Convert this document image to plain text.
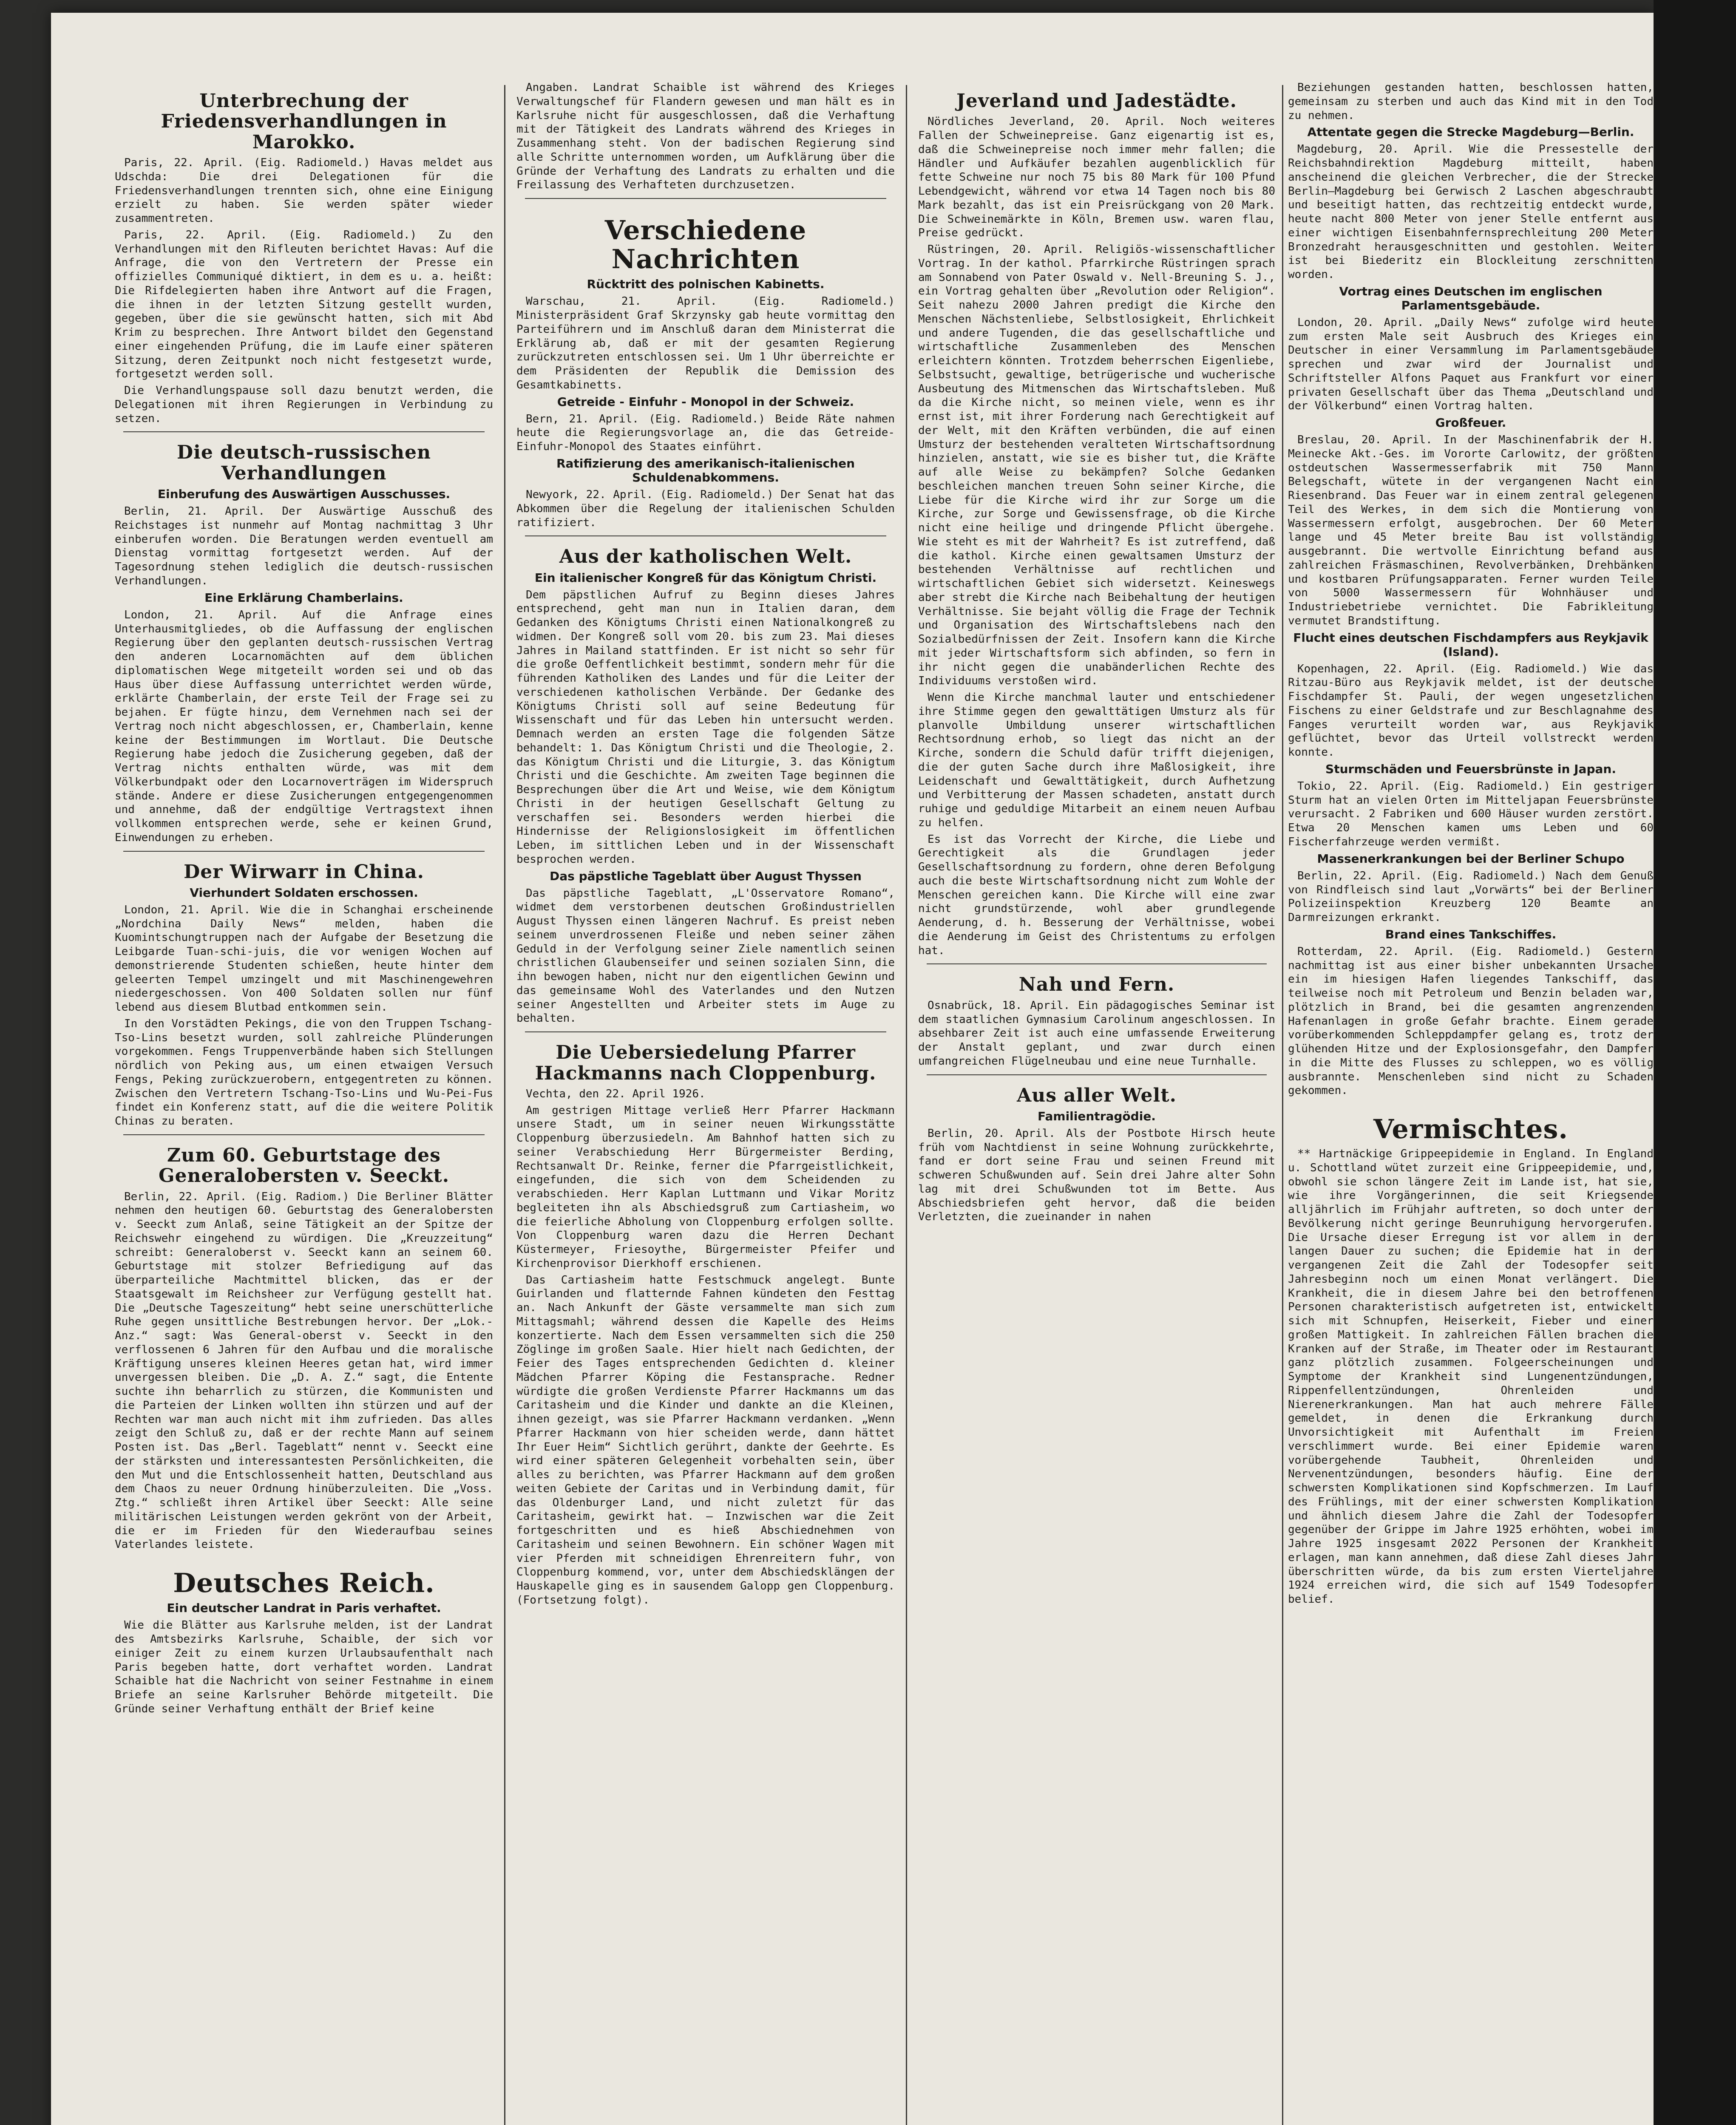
Unterbrechung der Friedensverhandlungen in Marokko.
Paris, 22. April. (Eig. Radiomeld.) Havas meldet aus Udschda: Die drei Delegationen für die Friedensverhandlungen trennten sich, ohne eine Einigung erzielt zu haben. Sie werden später wieder zusammentreten.
Paris, 22. April. (Eig. Radiomeld.) Zu den Verhandlungen mit den Rifleuten berichtet Havas: Auf die Anfrage, die von den Vertretern der Presse ein offizielles Communiqué diktiert, in dem es u. a. heißt: Die Rifdelegierten haben ihre Antwort auf die Fragen, die ihnen in der letzten Sitzung gestellt wurden, gegeben, über die sie gewünscht hatten, sich mit Abd Krim zu besprechen. Ihre Antwort bildet den Gegenstand einer eingehenden Prüfung, die im Laufe einer späteren Sitzung, deren Zeitpunkt noch nicht festgesetzt wurde, fortgesetzt werden soll.
Die Verhandlungspause soll dazu benutzt werden, die Delegationen mit ihren Regierungen in Verbindung zu setzen.
Die deutsch-russischen Verhandlungen
Einberufung des Auswärtigen Ausschusses.
Berlin, 21. April. Der Auswärtige Ausschuß des Reichstages ist nunmehr auf Montag nachmittag 3 Uhr einberufen worden. Die Beratungen werden eventuell am Dienstag vormittag fortgesetzt werden. Auf der Tagesordnung stehen lediglich die deutsch-russischen Verhandlungen.
Eine Erklärung Chamberlains.
London, 21. April. Auf die Anfrage eines Unterhausmitgliedes, ob die Auffassung der englischen Regierung über den geplanten deutsch-russischen Vertrag den anderen Locarnomächten auf dem üblichen diplomatischen Wege mitgeteilt worden sei und ob das Haus über diese Auffassung unterrichtet werden würde, erklärte Chamberlain, der erste Teil der Frage sei zu bejahen. Er fügte hinzu, dem Vernehmen nach sei der Vertrag noch nicht abgeschlossen, er, Chamberlain, kenne keine der Bestimmungen im Wortlaut. Die Deutsche Regierung habe jedoch die Zusicherung gegeben, daß der Vertrag nichts enthalten würde, was mit dem Völkerbundpakt oder den Locarnoverträgen im Widerspruch stände. Andere er diese Zusicherungen entgegengenommen und annehme, daß der endgültige Vertragstext ihnen vollkommen entsprechen werde, sehe er keinen Grund, Einwendungen zu erheben.
Der Wirwarr in China.
Vierhundert Soldaten erschossen.
London, 21. April. Wie die in Schanghai erscheinende „Nordchina Daily News“ melden, haben die Kuomintschungtruppen nach der Aufgabe der Besetzung die Leibgarde Tuan-schi-juis, die vor wenigen Wochen auf demonstrierende Studenten schießen, heute hinter dem geleerten Tempel umzingelt und mit Maschinengewehren niedergeschossen. Von 400 Soldaten sollen nur fünf lebend aus diesem Blutbad entkommen sein.
In den Vorstädten Pekings, die von den Truppen Tschang-Tso-Lins besetzt wurden, soll zahlreiche Plünderungen vorgekommen. Fengs Truppenverbände haben sich Stellungen nördlich von Peking aus, um einen etwaigen Versuch Fengs, Peking zurückzuerobern, entgegentreten zu können. Zwischen den Vertretern Tschang-Tso-Lins und Wu-Pei-Fus findet ein Konferenz statt, auf die die weitere Politik Chinas zu beraten.
Zum 60. Geburtstage des Generalobersten v. Seeckt.
Berlin, 22. April. (Eig. Radiom.) Die Berliner Blätter nehmen den heutigen 60. Geburtstag des Generalobersten v. Seeckt zum Anlaß, seine Tätigkeit an der Spitze der Reichswehr eingehend zu würdigen. Die „Kreuzzeitung“ schreibt: Generaloberst v. Seeckt kann an seinem 60. Geburtstage mit stolzer Befriedigung auf das überparteiliche Machtmittel blicken, das er der Staatsgewalt im Reichsheer zur Verfügung gestellt hat. Die „Deutsche Tageszeitung“ hebt seine unerschütterliche Ruhe gegen unsittliche Bestrebungen hervor. Der „Lok.-Anz.“ sagt: Was General-oberst v. Seeckt in den verflossenen 6 Jahren für den Aufbau und die moralische Kräftigung unseres kleinen Heeres getan hat, wird immer unvergessen bleiben. Die „D. A. Z.“ sagt, die Entente suchte ihn beharrlich zu stürzen, die Kommunisten und die Parteien der Linken wollten ihn stürzen und auf der Rechten war man auch nicht mit ihm zufrieden. Das alles zeigt den Schluß zu, daß er der rechte Mann auf seinem Posten ist. Das „Berl. Tageblatt“ nennt v. Seeckt eine der stärksten und interessantesten Persönlichkeiten, die den Mut und die Entschlossenheit hatten, Deutschland aus dem Chaos zu neuer Ordnung hinüberzuleiten. Die „Voss. Ztg.“ schließt ihren Artikel über Seeckt: Alle seine militärischen Leistungen werden gekrönt von der Arbeit, die er im Frieden für den Wiederaufbau seines Vaterlandes leistete.
Deutsches Reich.
Ein deutscher Landrat in Paris verhaftet.
Wie die Blätter aus Karlsruhe melden, ist der Landrat des Amtsbezirks Karlsruhe, Schaible, der sich vor einiger Zeit zu einem kurzen Urlaubsaufenthalt nach Paris begeben hatte, dort verhaftet worden. Landrat Schaible hat die Nachricht von seiner Festnahme in einem Briefe an seine Karlsruher Behörde mitgeteilt. Die Gründe seiner Verhaftung enthält der Brief keine
Angaben. Landrat Schaible ist während des Krieges Verwaltungschef für Flandern gewesen und man hält es in Karlsruhe nicht für ausgeschlossen, daß die Verhaftung mit der Tätigkeit des Landrats während des Krieges in Zusammenhang steht. Von der badischen Regierung sind alle Schritte unternommen worden, um Aufklärung über die Gründe der Verhaftung des Landrats zu erhalten und die Freilassung des Verhafteten durchzusetzen.
Verschiedene Nachrichten
Rücktritt des polnischen Kabinetts.
Warschau, 21. April. (Eig. Radiomeld.) Ministerpräsident Graf Skrzynsky gab heute vormittag den Parteiführern und im Anschluß daran dem Ministerrat die Erklärung ab, daß er mit der gesamten Regierung zurückzutreten entschlossen sei. Um 1 Uhr überreichte er dem Präsidenten der Republik die Demission des Gesamtkabinetts.
Getreide - Einfuhr - Monopol in der Schweiz.
Bern, 21. April. (Eig. Radiomeld.) Beide Räte nahmen heute die Regierungsvorlage an, die das Getreide-Einfuhr-Monopol des Staates einführt.
Ratifizierung des amerikanisch-italienischen Schuldenabkommens.
Newyork, 22. April. (Eig. Radiomeld.) Der Senat hat das Abkommen über die Regelung der italienischen Schulden ratifiziert.
Aus der katholischen Welt.
Ein italienischer Kongreß für das Königtum Christi.
Dem päpstlichen Aufruf zu Beginn dieses Jahres entsprechend, geht man nun in Italien daran, dem Gedanken des Königtums Christi einen Nationalkongreß zu widmen. Der Kongreß soll vom 20. bis zum 23. Mai dieses Jahres in Mailand stattfinden. Er ist nicht so sehr für die große Oeffentlichkeit bestimmt, sondern mehr für die führenden Katholiken des Landes und für die Leiter der verschiedenen katholischen Verbände. Der Gedanke des Königtums Christi soll auf seine Bedeutung für Wissenschaft und für das Leben hin untersucht werden. Demnach werden an ersten Tage die folgenden Sätze behandelt: 1. Das Königtum Christi und die Theologie, 2. das Königtum Christi und die Liturgie, 3. das Königtum Christi und die Geschichte. Am zweiten Tage beginnen die Besprechungen über die Art und Weise, wie dem Königtum Christi in der heutigen Gesellschaft Geltung zu verschaffen sei. Besonders werden hierbei die Hindernisse der Religionslosigkeit im öffentlichen Leben, im sittlichen Leben und in der Wissenschaft besprochen werden.
Das päpstliche Tageblatt über August Thyssen
Das päpstliche Tageblatt, „L'Osservatore Romano“, widmet dem verstorbenen deutschen Großindustriellen August Thyssen einen längeren Nachruf. Es preist neben seinem unverdrossenen Fleiße und neben seiner zähen Geduld in der Verfolgung seiner Ziele namentlich seinen christlichen Glaubenseifer und seinen sozialen Sinn, die ihn bewogen haben, nicht nur den eigentlichen Gewinn und das gemeinsame Wohl des Vaterlandes und den Nutzen seiner Angestellten und Arbeiter stets im Auge zu behalten.
Die Uebersiedelung Pfarrer Hackmanns nach Cloppenburg.
Vechta, den 22. April 1926.
Am gestrigen Mittage verließ Herr Pfarrer Hackmann unsere Stadt, um in seiner neuen Wirkungsstätte Cloppenburg überzusiedeln. Am Bahnhof hatten sich zu seiner Verabschiedung Herr Bürgermeister Berding, Rechtsanwalt Dr. Reinke, ferner die Pfarrgeistlichkeit, eingefunden, die sich von dem Scheidenden zu verabschieden. Herr Kaplan Luttmann und Vikar Moritz begleiteten ihn als Abschiedsgruß zum Cartiasheim, wo die feierliche Abholung von Cloppenburg erfolgen sollte. Von Cloppenburg waren dazu die Herren Dechant Küstermeyer, Friesoythe, Bürgermeister Pfeifer und Kirchenprovisor Dierkhoff erschienen.
Das Cartiasheim hatte Festschmuck angelegt. Bunte Guirlanden und flatternde Fahnen kündeten den Festtag an. Nach Ankunft der Gäste versammelte man sich zum Mittagsmahl; während dessen die Kapelle des Heims konzertierte. Nach dem Essen versammelten sich die 250 Zöglinge im großen Saale. Hier hielt nach Gedichten, der Feier des Tages entsprechenden Gedichten d. kleiner Mädchen Pfarrer Köping die Festansprache. Redner würdigte die großen Verdienste Pfarrer Hackmanns um das Caritasheim und die Kinder und dankte an die Kleinen, ihnen gezeigt, was sie Pfarrer Hackmann verdanken. „Wenn Pfarrer Hackmann von hier scheiden werde, dann hättet Ihr Euer Heim“ Sichtlich gerührt, dankte der Geehrte. Es wird einer späteren Gelegenheit vorbehalten sein, über alles zu berichten, was Pfarrer Hackmann auf dem großen weiten Gebiete der Caritas und in Verbindung damit, für das Oldenburger Land, und nicht zuletzt für das Caritasheim, gewirkt hat. — Inzwischen war die Zeit fortgeschritten und es hieß Abschiednehmen von Caritasheim und seinen Bewohnern. Ein schöner Wagen mit vier Pferden mit schneidigen Ehrenreitern fuhr, von Cloppenburg kommend, vor, unter dem Abschiedsklängen der Hauskapelle ging es in sausendem Galopp gen Cloppenburg. (Fortsetzung folgt).
Jeverland und Jadestädte.
Nördliches Jeverland, 20. April. Noch weiteres Fallen der Schweinepreise. Ganz eigenartig ist es, daß die Schweinepreise noch immer mehr fallen; die Händler und Aufkäufer bezahlen augenblicklich für fette Schweine nur noch 75 bis 80 Mark für 100 Pfund Lebendgewicht, während vor etwa 14 Tagen noch bis 80 Mark bezahlt, das ist ein Preisrückgang von 20 Mark. Die Schweinemärkte in Köln, Bremen usw. waren flau, Preise gedrückt.
Rüstringen, 20. April. Religiös-wissenschaftlicher Vortrag. In der kathol. Pfarrkirche Rüstringen sprach am Sonnabend von Pater Oswald v. Nell-Breuning S. J., ein Vortrag gehalten über „Revolution oder Religion“. Seit nahezu 2000 Jahren predigt die Kirche den Menschen Nächstenliebe, Selbstlosigkeit, Ehrlichkeit und andere Tugenden, die das gesellschaftliche und wirtschaftliche Zusammenleben des Menschen erleichtern könnten. Trotzdem beherrschen Eigenliebe, Selbstsucht, gewaltige, betrügerische und wucherische Ausbeutung des Mitmenschen das Wirtschaftsleben. Muß da die Kirche nicht, so meinen viele, wenn es ihr ernst ist, mit ihrer Forderung nach Gerechtigkeit auf der Welt, mit den Kräften verbünden, die auf einen Umsturz der bestehenden veralteten Wirtschaftsordnung hinzielen, anstatt, wie sie es bisher tut, die Kräfte auf alle Weise zu bekämpfen? Solche Gedanken beschleichen manchen treuen Sohn seiner Kirche, die Liebe für die Kirche wird ihr zur Sorge um die Kirche, zur Sorge und Gewissensfrage, ob die Kirche nicht eine heilige und dringende Pflicht übergehe. Wie steht es mit der Wahrheit? Es ist zutreffend, daß die kathol. Kirche einen gewaltsamen Umsturz der bestehenden Verhältnisse auf rechtlichen und wirtschaftlichen Gebiet sich widersetzt. Keineswegs aber strebt die Kirche nach Beibehaltung der heutigen Verhältnisse. Sie bejaht völlig die Frage der Technik und Organisation des Wirtschaftslebens nach den Sozialbedürfnissen der Zeit. Insofern kann die Kirche mit jeder Wirtschaftsform sich abfinden, so fern in ihr nicht gegen die unabänderlichen Rechte des Individuums verstoßen wird.
Wenn die Kirche manchmal lauter und entschiedener ihre Stimme gegen den gewalttätigen Umsturz als für planvolle Umbildung unserer wirtschaftlichen Rechtsordnung erhob, so liegt das nicht an der Kirche, sondern die Schuld dafür trifft diejenigen, die der guten Sache durch ihre Maßlosigkeit, ihre Leidenschaft und Gewalttätigkeit, durch Aufhetzung und Verbitterung der Massen schadeten, anstatt durch ruhige und geduldige Mitarbeit an einem neuen Aufbau zu helfen.
Es ist das Vorrecht der Kirche, die Liebe und Gerechtigkeit als die Grundlagen jeder Gesellschaftsordnung zu fordern, ohne deren Befolgung auch die beste Wirtschaftsordnung nicht zum Wohle der Menschen gereichen kann. Die Kirche will eine zwar nicht grundstürzende, wohl aber grundlegende Aenderung, d. h. Besserung der Verhältnisse, wobei die Aenderung im Geist des Christentums zu erfolgen hat.
Nah und Fern.
Osnabrück, 18. April. Ein pädagogisches Seminar ist dem staatlichen Gymnasium Carolinum angeschlossen. In absehbarer Zeit ist auch eine umfassende Erweiterung der Anstalt geplant, und zwar durch einen umfangreichen Flügelneubau und eine neue Turnhalle.
Aus aller Welt.
Familientragödie.
Berlin, 20. April. Als der Postbote Hirsch heute früh vom Nachtdienst in seine Wohnung zurückkehrte, fand er dort seine Frau und seinen Freund mit schweren Schußwunden auf. Sein drei Jahre alter Sohn lag mit drei Schußwunden tot im Bette. Aus Abschiedsbriefen geht hervor, daß die beiden Verletzten, die zueinander in nahen
Beziehungen gestanden hatten, beschlossen hatten, gemeinsam zu sterben und auch das Kind mit in den Tod zu nehmen.
Attentate gegen die Strecke Magdeburg—Berlin.
Magdeburg, 20. April. Wie die Pressestelle der Reichsbahndirektion Magdeburg mitteilt, haben anscheinend die gleichen Verbrecher, die der Strecke Berlin—Magdeburg bei Gerwisch 2 Laschen abgeschraubt und beseitigt hatten, das rechtzeitig entdeckt wurde, heute nacht 800 Meter von jener Stelle entfernt aus einer wichtigen Eisenbahnfernsprechleitung 200 Meter Bronzedraht herausgeschnitten und gestohlen. Weiter ist bei Biederitz ein Blockleitung zerschnitten worden.
Vortrag eines Deutschen im englischen Parlamentsgebäude.
London, 20. April. „Daily News“ zufolge wird heute zum ersten Male seit Ausbruch des Krieges ein Deutscher in einer Versammlung im Parlamentsgebäude sprechen und zwar wird der Journalist und Schriftsteller Alfons Paquet aus Frankfurt vor einer privaten Gesellschaft über das Thema „Deutschland und der Völkerbund“ einen Vortrag halten.
Großfeuer.
Breslau, 20. April. In der Maschinenfabrik der H. Meinecke Akt.-Ges. im Vororte Carlowitz, der größten ostdeutschen Wassermesserfabrik mit 750 Mann Belegschaft, wütete in der vergangenen Nacht ein Riesenbrand. Das Feuer war in einem zentral gelegenen Teil des Werkes, in dem sich die Montierung von Wassermessern erfolgt, ausgebrochen. Der 60 Meter lange und 45 Meter breite Bau ist vollständig ausgebrannt. Die wertvolle Einrichtung befand aus zahlreichen Fräsmaschinen, Revolverbänken, Drehbänken und kostbaren Prüfungsapparaten. Ferner wurden Teile von 5000 Wassermessern für Wohnhäuser und Industriebetriebe vernichtet. Die Fabrikleitung vermutet Brandstiftung.
Flucht eines deutschen Fischdampfers aus Reykjavik (Island).
Kopenhagen, 22. April. (Eig. Radiomeld.) Wie das Ritzau-Büro aus Reykjavik meldet, ist der deutsche Fischdampfer St. Pauli, der wegen ungesetzlichen Fischens zu einer Geldstrafe und zur Beschlagnahme des Fanges verurteilt worden war, aus Reykjavik geflüchtet, bevor das Urteil vollstreckt werden konnte.
Sturmschäden und Feuersbrünste in Japan.
Tokio, 22. April. (Eig. Radiomeld.) Ein gestriger Sturm hat an vielen Orten im Mitteljapan Feuersbrünste verursacht. 2 Fabriken und 600 Häuser wurden zerstört. Etwa 20 Menschen kamen ums Leben und 60 Fischerfahrzeuge werden vermißt.
Massenerkrankungen bei der Berliner Schupo
Berlin, 22. April. (Eig. Radiomeld.) Nach dem Genuß von Rindfleisch sind laut „Vorwärts“ bei der Berliner Polizeiinspektion Kreuzberg 120 Beamte an Darmreizungen erkrankt.
Brand eines Tankschiffes.
Rotterdam, 22. April. (Eig. Radiomeld.) Gestern nachmittag ist aus einer bisher unbekannten Ursache ein im hiesigen Hafen liegendes Tankschiff, das teilweise noch mit Petroleum und Benzin beladen war, plötzlich in Brand, bei die gesamten angrenzenden Hafenanlagen in große Gefahr brachte. Einem gerade vorüberkommenden Schleppdampfer gelang es, trotz der glühenden Hitze und der Explosionsgefahr, den Dampfer in die Mitte des Flusses zu schleppen, wo es völlig ausbrannte. Menschenleben sind nicht zu Schaden gekommen.
Vermischtes.
** Hartnäckige Grippeepidemie in England. In England u. Schottland wütet zurzeit eine Grippeepidemie, und, obwohl sie schon längere Zeit im Lande ist, hat sie, wie ihre Vorgängerinnen, die seit Kriegsende alljährlich im Frühjahr auftreten, so doch unter der Bevölkerung nicht geringe Beunruhigung hervorgerufen. Die Ursache dieser Erregung ist vor allem in der langen Dauer zu suchen; die Epidemie hat in der vergangenen Zeit die Zahl der Todesopfer seit Jahresbeginn noch um einen Monat verlängert. Die Krankheit, die in diesem Jahre bei den betroffenen Personen charakteristisch aufgetreten ist, entwickelt sich mit Schnupfen, Heiserkeit, Fieber und einer großen Mattigkeit. In zahlreichen Fällen brachen die Kranken auf der Straße, im Theater oder im Restaurant ganz plötzlich zusammen. Folgeerscheinungen und Symptome der Krankheit sind Lungenentzündungen, Rippenfellentzündungen, Ohrenleiden und Nierenerkrankungen. Man hat auch mehrere Fälle gemeldet, in denen die Erkrankung durch Unvorsichtigkeit mit Aufenthalt im Freien verschlimmert wurde. Bei einer Epidemie waren vorübergehende Taubheit, Ohrenleiden und Nervenentzündungen, besonders häufig. Eine der schwersten Komplikationen sind Kopfschmerzen. Im Lauf des Frühlings, mit der einer schwersten Komplikation und ähnlich diesem Jahre die Zahl der Todesopfer gegenüber der Grippe im Jahre 1925 erhöhten, wobei im Jahre 1925 insgesamt 2022 Personen der Krankheit erlagen, man kann annehmen, daß diese Zahl dieses Jahr überschritten würde, da bis zum ersten Vierteljahre 1924 erreichen wird, die sich auf 1549 Todesopfer belief.
